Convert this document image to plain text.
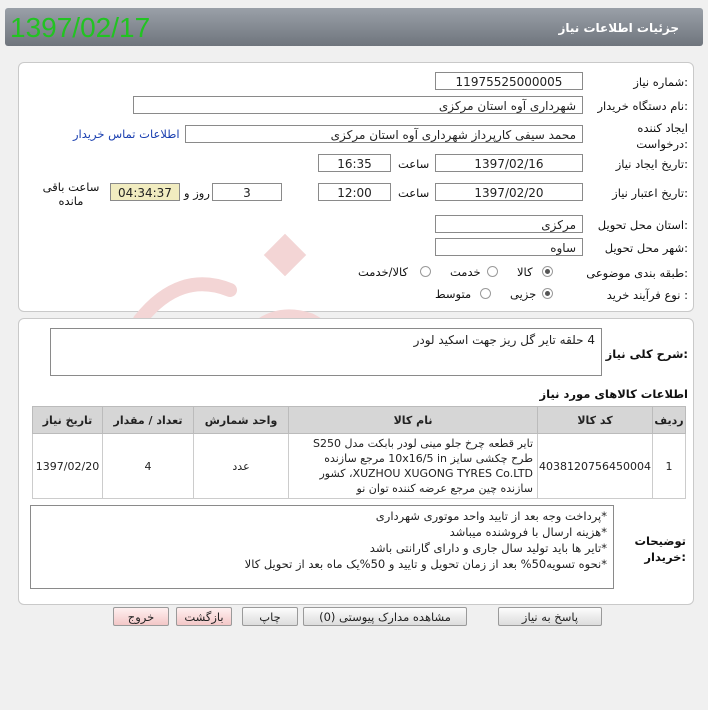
جزئیات اطلاعات نیاز
1397/02/17
شماره نیاز:
1197552500000‌5
نام دستگاه خریدار:
شهرداری آوه استان مرکزی
ایجاد کننده درخواست:
محمد سیفی کارپرداز شهرداری آوه استان مرکزی
اطلاعات تماس خریدار
تاریخ ایجاد نیاز:
1397/02/16
ساعت
16:35
تاریخ اعتبار نیاز:
1397/02/20
ساعت
12:00
3
روز و
04:34:37
ساعت باقی مانده
استان محل تحویل:
مرکزی
شهر محل تحویل:
ساوه
طبقه بندی موضوعی:
کالا
خدمت
کالا/خدمت
نوع فرآیند خرید :
جزیی
متوسط
شرح کلی نیاز:
4 حلقه تایر گل ریز جهت اسکید لودر
اطلاعات کالاهای مورد نیاز
ردیف	کد کالا	نام کالا	واحد شمارش	تعداد / مقدار	تاریخ نیاز
1	4038120756450004	تایر قطعه چرخ جلو مینی لودر بابکت مدل S250 طرح چکشی سایز 10x16/5 in مرجع سازنده XUZHOU XUGONG TYRES Co.LTD، کشور سازنده چین مرجع عرضه کننده توان نو	عدد	4	1397/02/20
توضیحات خریدار:
*پرداخت وجه بعد از تایید واحد موتوری شهرداری
*هزینه ارسال با فروشنده میباشد
*تایر ها باید تولید سال جاری و دارای گارانتی باشد
*نحوه تسویه50% بعد از زمان تحویل و تایید و 50%یک ماه بعد از تحویل کالا
پاسخ به نیاز
مشاهده مدارک پیوستی (0)
چاپ
بازگشت
خروج
